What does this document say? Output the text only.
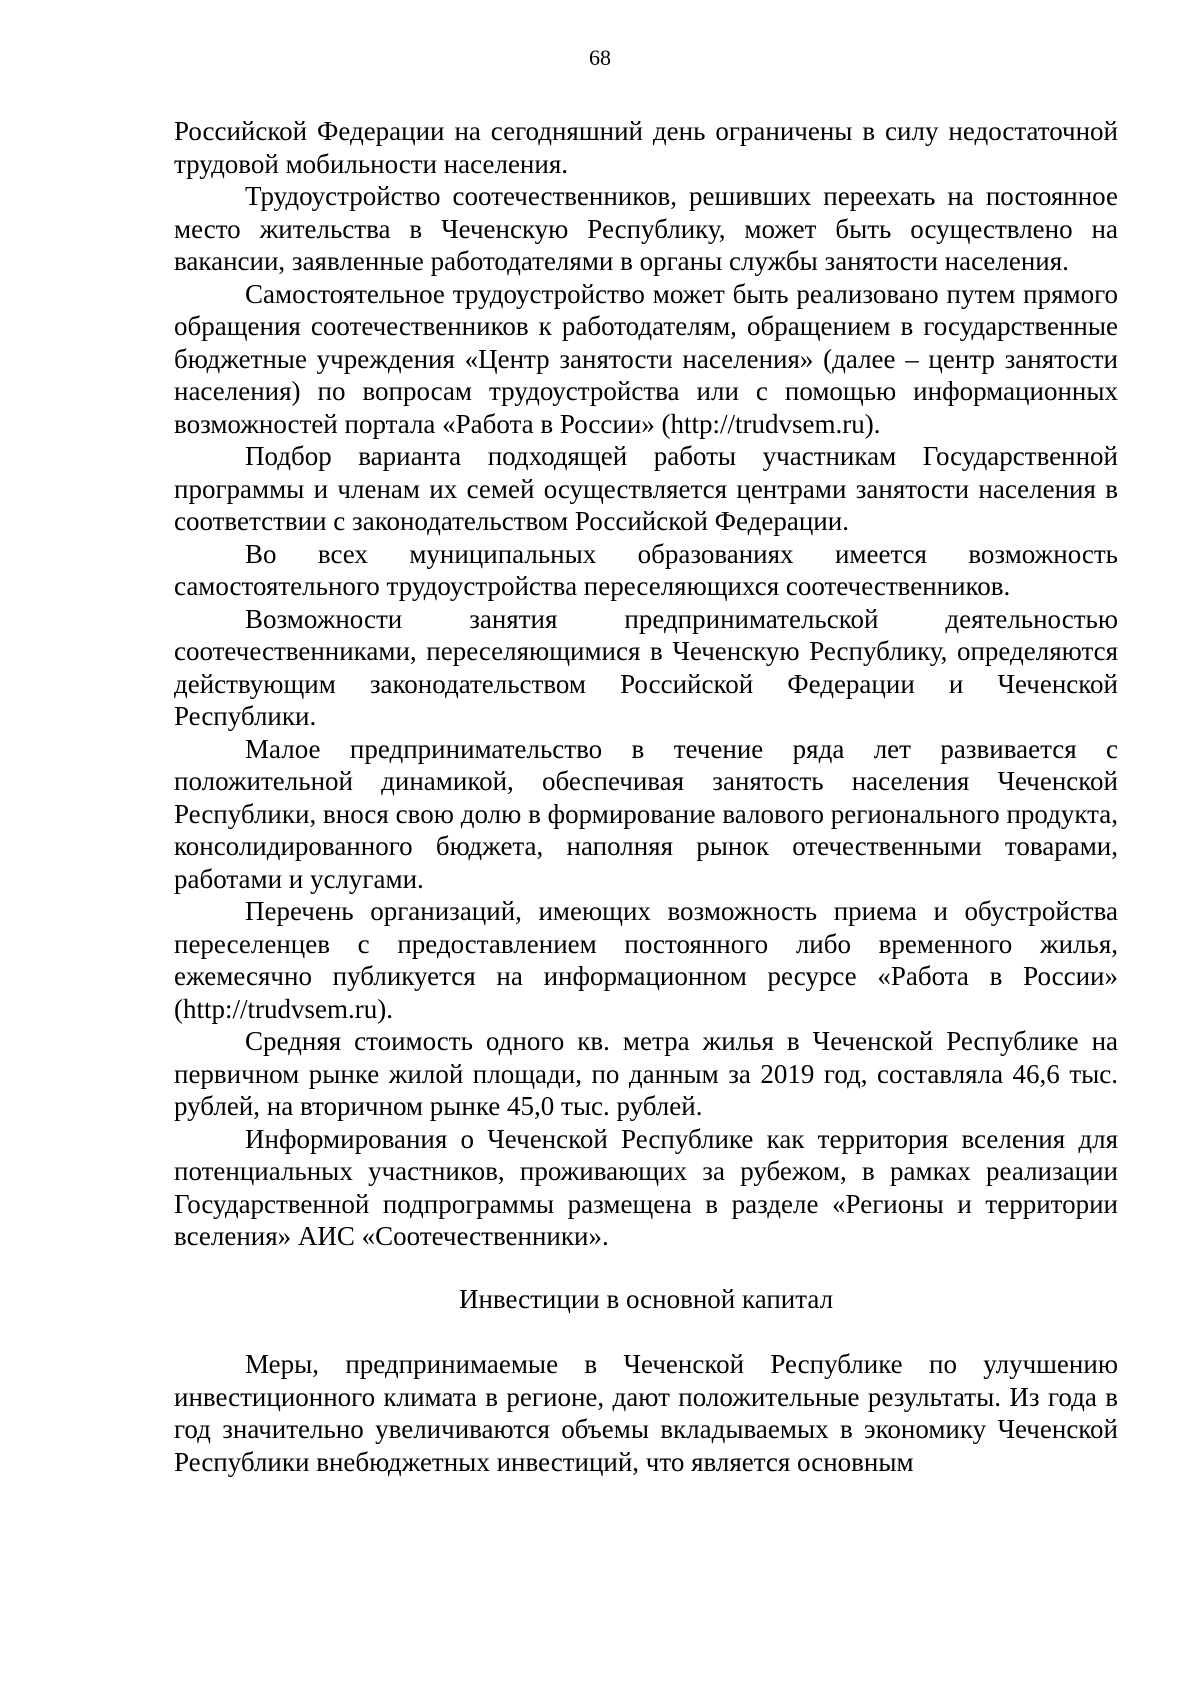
68

Российской Федерации на сегодняшний день ограничены в силу недостаточной трудовой мобильности населения.

Трудоустройство соотечественников, решивших переехать на постоянное место жительства в Чеченскую Республику, может быть осуществлено на вакансии, заявленные работодателями в органы службы занятости населения.

Самостоятельное трудоустройство может быть реализовано путем прямого обращения соотечественников к работодателям, обращением в государственные бюджетные учреждения «Центр занятости населения» (далее – центр занятости населения) по вопросам трудоустройства или с помощью информационных возможностей портала «Работа в России» (http://trudvsem.ru).

Подбор варианта подходящей работы участникам Государственной программы и членам их семей осуществляется центрами занятости населения в соответствии с законодательством Российской Федерации.

Во всех муниципальных образованиях имеется возможность самостоятельного трудоустройства переселяющихся соотечественников.

Возможности занятия предпринимательской деятельностью соотечественниками, переселяющимися в Чеченскую Республику, определяются действующим законодательством Российской Федерации и Чеченской Республики.

Малое предпринимательство в течение ряда лет развивается с положительной динамикой, обеспечивая занятость населения Чеченской Республики, внося свою долю в формирование валового регионального продукта, консолидированного бюджета, наполняя рынок отечественными товарами, работами и услугами.

Перечень организаций, имеющих возможность приема и обустройства переселенцев с предоставлением постоянного либо временного жилья, ежемесячно публикуется на информационном ресурсе «Работа в России» (http://trudvsem.ru).

Средняя стоимость одного кв. метра жилья в Чеченской Республике на первичном рынке жилой площади, по данным за 2019 год, составляла 46,6 тыс. рублей, на вторичном рынке 45,0 тыс. рублей.

Информирования о Чеченской Республике как территория вселения для потенциальных участников, проживающих за рубежом, в рамках реализации Государственной подпрограммы размещена в разделе «Регионы и территории вселения» АИС «Соотечественники».

Инвестиции в основной капитал

Меры, предпринимаемые в Чеченской Республике по улучшению инвестиционного климата в регионе, дают положительные результаты. Из года в год значительно увеличиваются объемы вкладываемых в экономику Чеченской Республики внебюджетных инвестиций, что является основным
